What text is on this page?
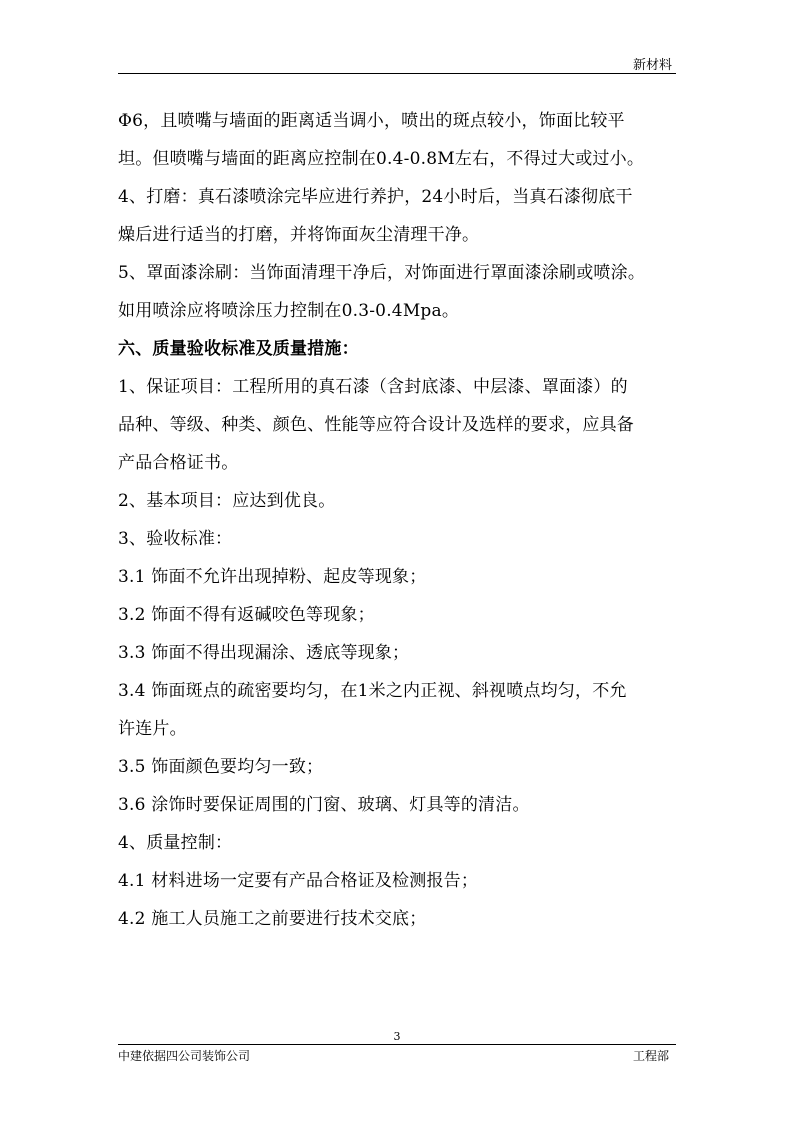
新材料
Φ6，且喷嘴与墙面的距离适当调小，喷出的斑点较小，饰面比较平
坦。但喷嘴与墙面的距离应控制在0.4-0.8M左右，不得过大或过小。
4、打磨：真石漆喷涂完毕应进行养护，24小时后，当真石漆彻底干
燥后进行适当的打磨，并将饰面灰尘清理干净。
5、罩面漆涂刷：当饰面清理干净后，对饰面进行罩面漆涂刷或喷涂。
如用喷涂应将喷涂压力控制在0.3-0.4Mpa。
六、质量验收标准及质量措施：
1、保证项目：工程所用的真石漆（含封底漆、中层漆、罩面漆）的
品种、等级、种类、颜色、性能等应符合设计及选样的要求，应具备
产品合格证书。
2、基本项目：应达到优良。
3、验收标准：
3.1 饰面不允许出现掉粉、起皮等现象；
3.2 饰面不得有返碱咬色等现象；
3.3 饰面不得出现漏涂、透底等现象；
3.4 饰面斑点的疏密要均匀，在1米之内正视、斜视喷点均匀，不允
许连片。
3.5 饰面颜色要均匀一致；
3.6 涂饰时要保证周围的门窗、玻璃、灯具等的清洁。
4、质量控制：
4.1 材料进场一定要有产品合格证及检测报告；
4.2 施工人员施工之前要进行技术交底；
3
中建依据四公司装饰公司	工程部
